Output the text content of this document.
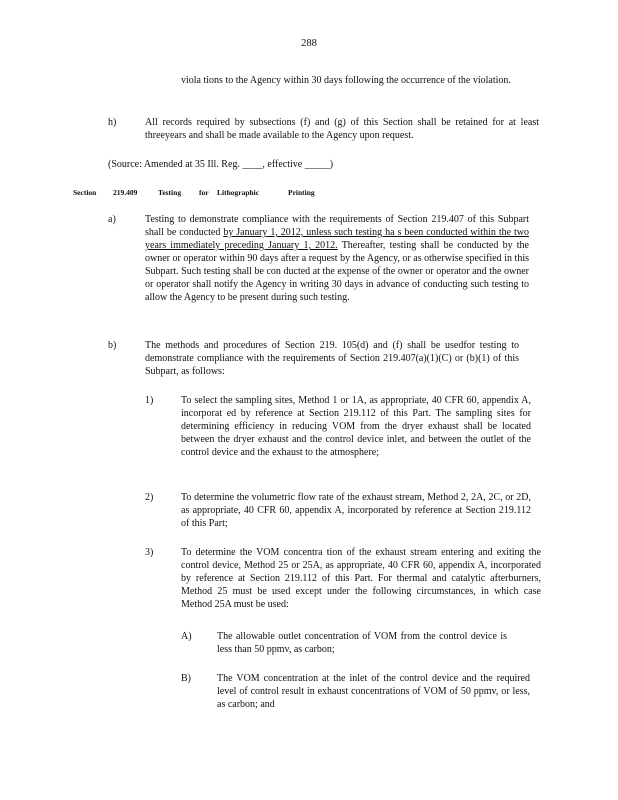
288
viola tions to the Agency within 30 days following the occurrence of the violation.
h)	All records required by subsections (f) and (g) of this Section shall be retained for at least threeyears and shall be made available to the Agency upon request.
(Source: Amended at 35 Ill. Reg. ____, effective _____)
Section 219.409	Testing for Lithographic	Printing
a)	Testing to demonstrate compliance with the requirements of Section 219.407 of this Subpart shall be conducted by January 1, 2012, unless such testing ha s been conducted within the two years immediately preceding January 1, 2012. Thereafter, testing shall be conducted by the owner or operator within 90 days after a request by the Agency, or as otherwise specified in this Subpart. Such testing shall be con ducted at the expense of the owner or operator and the owner or operator shall notify the Agency in writing 30 days in advance of conducting such testing to allow the Agency to be present during such testing.
b)	The methods and procedures of Section 219. 105(d) and (f) shall be usedfor testing to demonstrate compliance with the requirements of Section 219.407(a)(1)(C) or (b)(1) of this Subpart, as follows:
1)	To select the sampling sites, Method 1 or 1A, as appropriate, 40 CFR 60, appendix A, incorporat ed by reference at Section 219.112 of this Part. The sampling sites for determining efficiency in reducing VOM from the dryer exhaust shall be located between the dryer exhaust and the control device inlet, and between the outlet of the control device and the exhaust to the atmosphere;
2)	To determine the volumetric flow rate of the exhaust stream, Method 2, 2A, 2C, or 2D, as appropriate, 40 CFR 60, appendix A, incorporated by reference at Section 219.112 of this Part;
3)	To determine the VOM concentra tion of the exhaust stream entering and exiting the control device, Method 25 or 25A, as appropriate, 40 CFR 60, appendix A, incorporated by reference at Section 219.112 of this Part. For thermal and catalytic afterburners, Method 25 must be used except under the following circumstances, in which case Method 25A must be used:
A)	The allowable outlet concentration of VOM from the control device is less than 50 ppmv, as carbon;
B)	The VOM concentration at the inlet of the control device and the required level of control result in exhaust concentrations of VOM of 50 ppmv, or less, as carbon; and
